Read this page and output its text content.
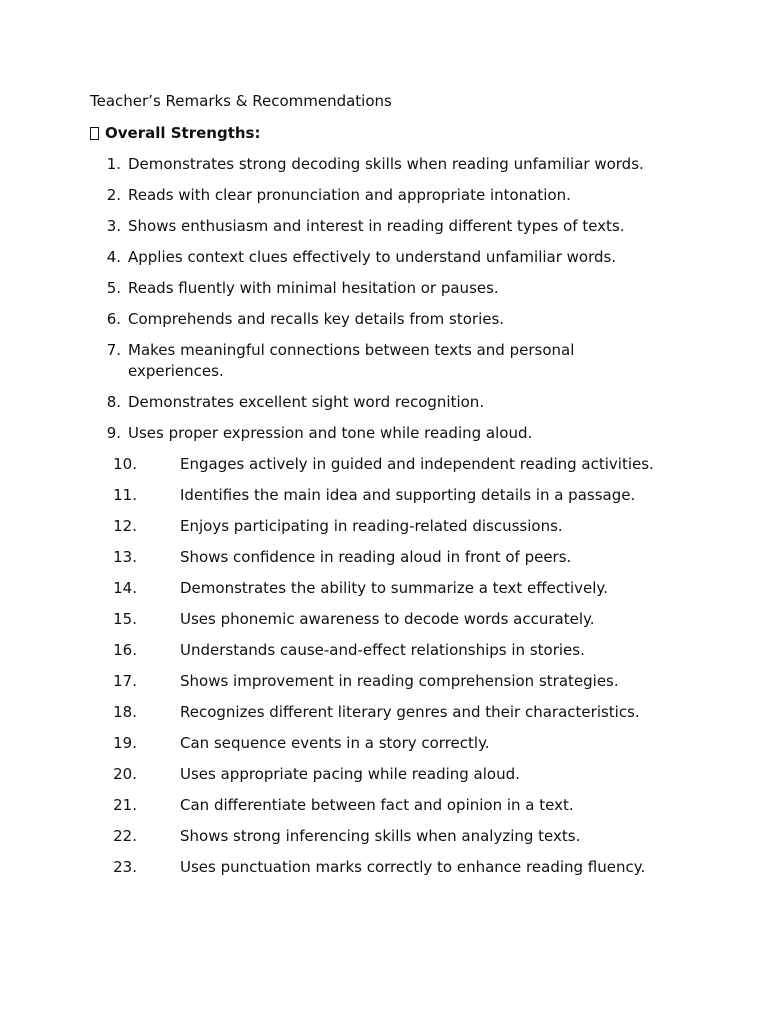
Teacher’s Remarks & Recommendations
Overall Strengths:
1. Demonstrates strong decoding skills when reading unfamiliar words.
2. Reads with clear pronunciation and appropriate intonation.
3. Shows enthusiasm and interest in reading different types of texts.
4. Applies context clues effectively to understand unfamiliar words.
5. Reads fluently with minimal hesitation or pauses.
6. Comprehends and recalls key details from stories.
7. Makes meaningful connections between texts and personal experiences.
8. Demonstrates excellent sight word recognition.
9. Uses proper expression and tone while reading aloud.
10.	Engages actively in guided and independent reading activities.
11.	Identifies the main idea and supporting details in a passage.
12.	Enjoys participating in reading-related discussions.
13.	Shows confidence in reading aloud in front of peers.
14.	Demonstrates the ability to summarize a text effectively.
15.	Uses phonemic awareness to decode words accurately.
16.	Understands cause-and-effect relationships in stories.
17.	Shows improvement in reading comprehension strategies.
18.	Recognizes different literary genres and their characteristics.
19.	Can sequence events in a story correctly.
20.	Uses appropriate pacing while reading aloud.
21.	Can differentiate between fact and opinion in a text.
22.	Shows strong inferencing skills when analyzing texts.
23.	Uses punctuation marks correctly to enhance reading fluency.
